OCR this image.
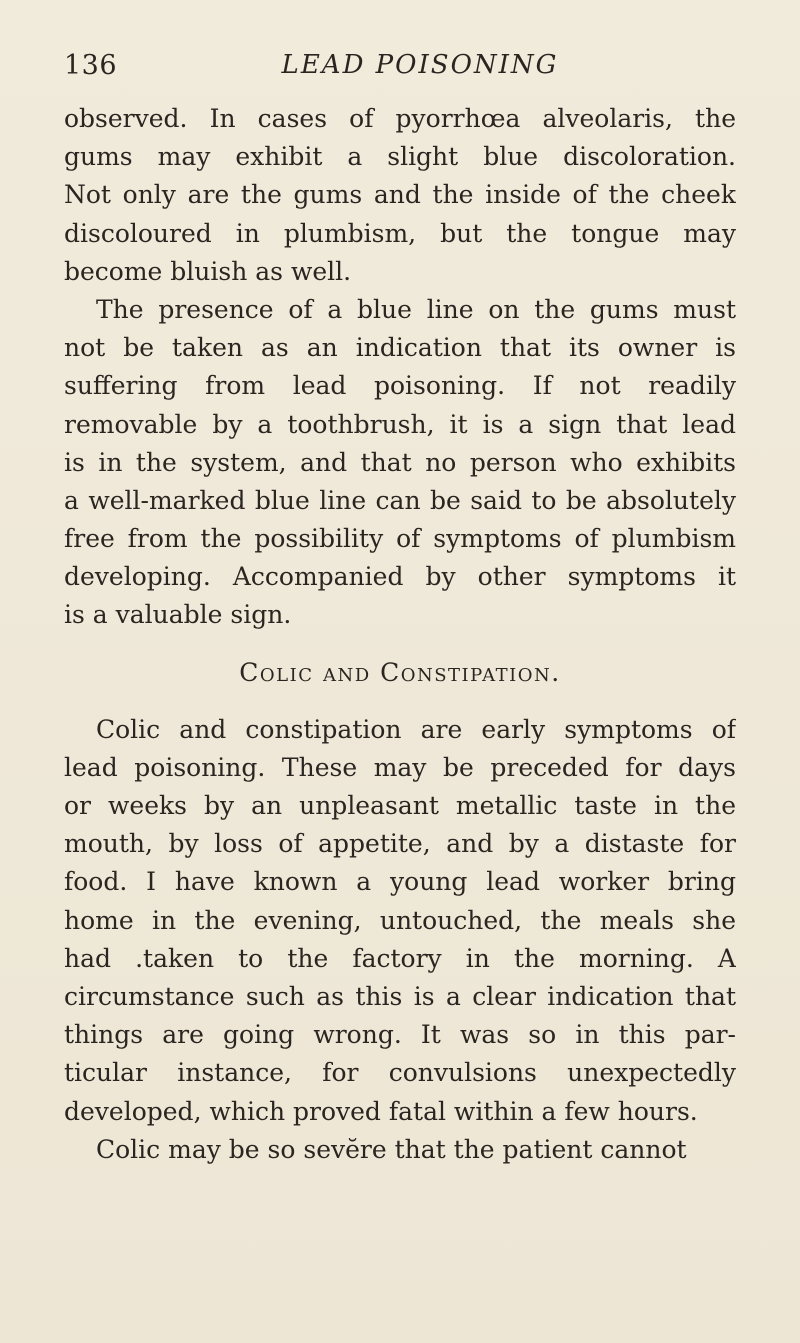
136	LEAD POISONING
observed. In cases of pyorrhœa alveolaris, the
gums may exhibit a slight blue discoloration.
Not only are the gums and the inside of the cheek
discoloured in plumbism, but the tongue may
become bluish as well.
The presence of a blue line on the gums must
not be taken as an indication that its owner is
suffering from lead poisoning. If not readily
removable by a toothbrush, it is a sign that lead
is in the system, and that no person who exhibits
a well-marked blue line can be said to be absolutely
free from the possibility of symptoms of plumbism
developing. Accompanied by other symptoms it
is a valuable sign.
Colic and Constipation.
Colic and constipation are early symptoms of
lead poisoning. These may be preceded for days
or weeks by an unpleasant metallic taste in the
mouth, by loss of appetite, and by a distaste for
food. I have known a young lead worker bring
home in the evening, untouched, the meals she
had .taken to the factory in the morning. A
circumstance such as this is a clear indication that
things are going wrong. It was so in this par-
ticular instance, for convulsions unexpectedly
developed, which proved fatal within a few hours.
Colic may be so sevĕre that the patient cannot
